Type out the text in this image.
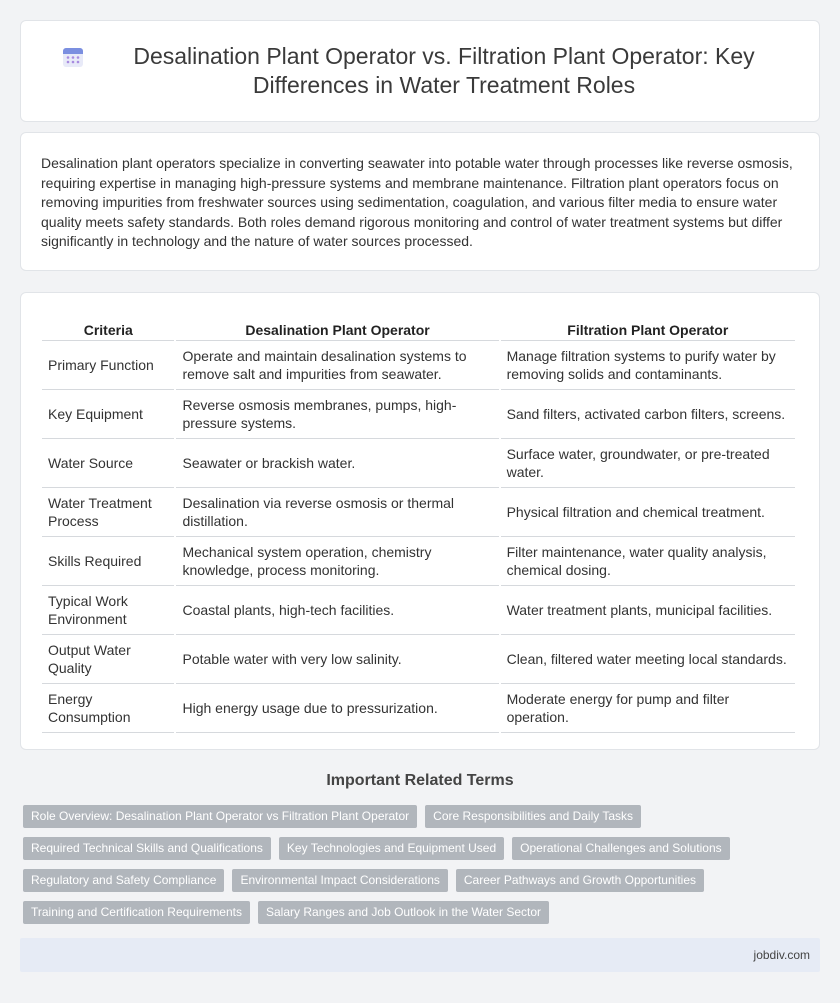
Desalination Plant Operator vs. Filtration Plant Operator: Key Differences in Water Treatment Roles

Desalination plant operators specialize in converting seawater into potable water through processes like reverse osmosis, requiring expertise in managing high-pressure systems and membrane maintenance. Filtration plant operators focus on removing impurities from freshwater sources using sedimentation, coagulation, and various filter media to ensure water quality meets safety standards. Both roles demand rigorous monitoring and control of water treatment systems but differ significantly in technology and the nature of water sources processed.

Criteria	Desalination Plant Operator	Filtration Plant Operator
Primary Function	Operate and maintain desalination systems to remove salt and impurities from seawater.	Manage filtration systems to purify water by removing solids and contaminants.
Key Equipment	Reverse osmosis membranes, pumps, high-pressure systems.	Sand filters, activated carbon filters, screens.
Water Source	Seawater or brackish water.	Surface water, groundwater, or pre-treated water.
Water Treatment Process	Desalination via reverse osmosis or thermal distillation.	Physical filtration and chemical treatment.
Skills Required	Mechanical system operation, chemistry knowledge, process monitoring.	Filter maintenance, water quality analysis, chemical dosing.
Typical Work Environment	Coastal plants, high-tech facilities.	Water treatment plants, municipal facilities.
Output Water Quality	Potable water with very low salinity.	Clean, filtered water meeting local standards.
Energy Consumption	High energy usage due to pressurization.	Moderate energy for pump and filter operation.
Important Related Terms
Role Overview: Desalination Plant Operator vs Filtration Plant Operator	Core Responsibilities and Daily Tasks
Required Technical Skills and Qualifications	Key Technologies and Equipment Used	Operational Challenges and Solutions
Regulatory and Safety Compliance	Environmental Impact Considerations	Career Pathways and Growth Opportunities
Training and Certification Requirements	Salary Ranges and Job Outlook in the Water Sector
jobdiv.com
